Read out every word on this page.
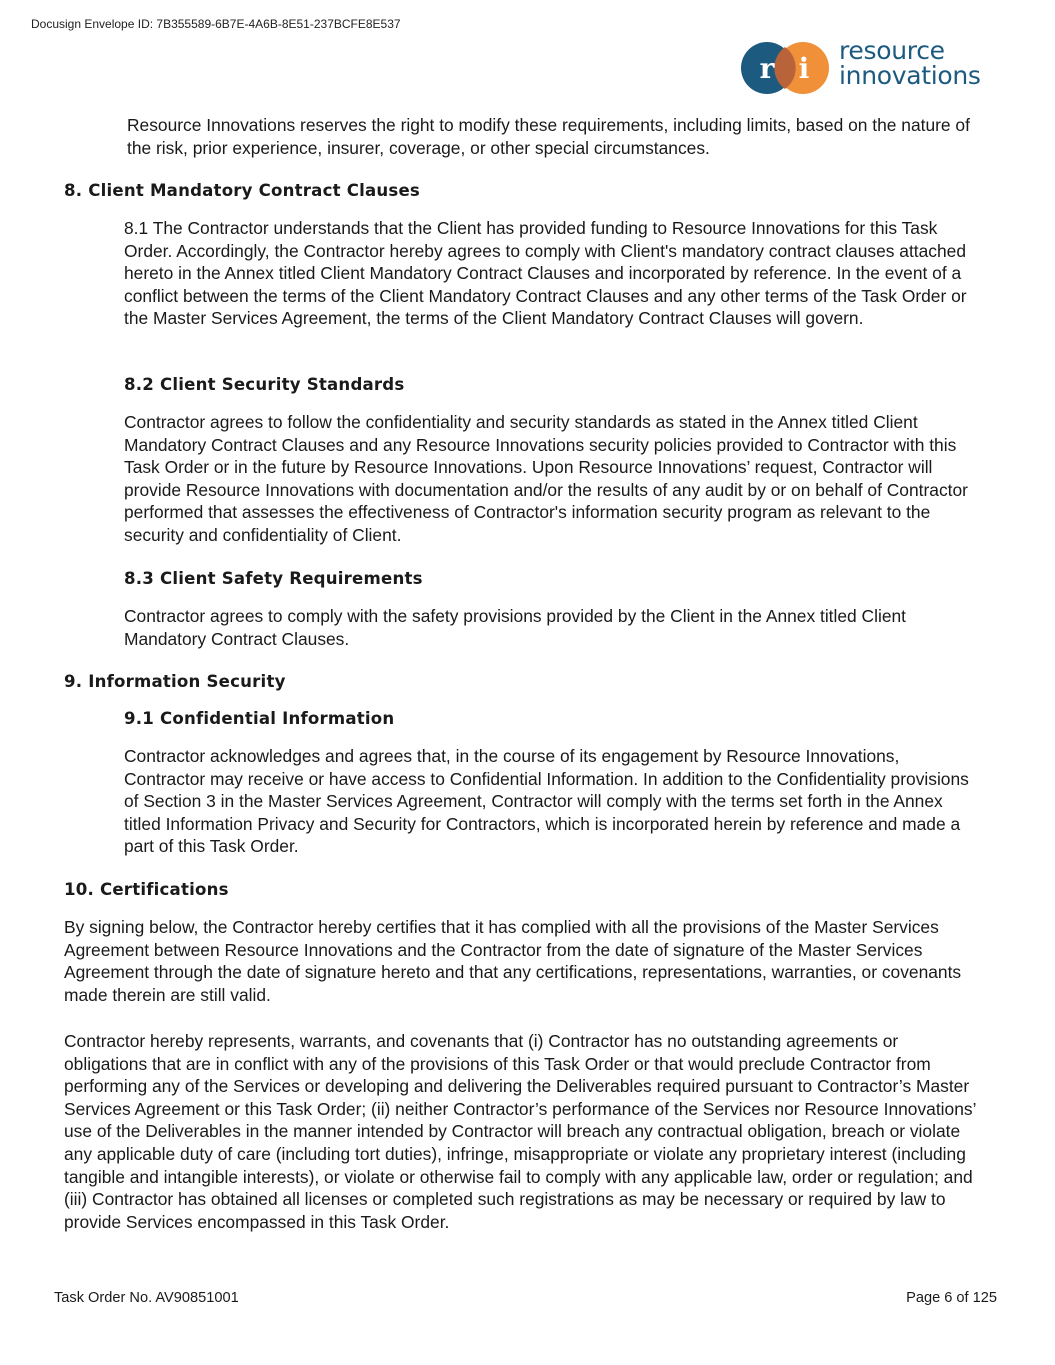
Docusign Envelope ID: 7B355589-6B7E-4A6B-8E51-237BCFE8E537
r i
resource
innovations

Resource Innovations reserves the right to modify these requirements, including limits, based on the nature of the risk, prior experience, insurer, coverage, or other special circumstances.

8. Client Mandatory Contract Clauses

8.1 The Contractor understands that the Client has provided funding to Resource Innovations for this Task Order. Accordingly, the Contractor hereby agrees to comply with Client's mandatory contract clauses attached hereto in the Annex titled Client Mandatory Contract Clauses and incorporated by reference. In the event of a conflict between the terms of the Client Mandatory Contract Clauses and any other terms of the Task Order or the Master Services Agreement, the terms of the Client Mandatory Contract Clauses will govern.

8.2 Client Security Standards

Contractor agrees to follow the confidentiality and security standards as stated in the Annex titled Client Mandatory Contract Clauses and any Resource Innovations security policies provided to Contractor with this Task Order or in the future by Resource Innovations. Upon Resource Innovations’ request, Contractor will provide Resource Innovations with documentation and/or the results of any audit by or on behalf of Contractor performed that assesses the effectiveness of Contractor's information security program as relevant to the security and confidentiality of Client.

8.3 Client Safety Requirements

Contractor agrees to comply with the safety provisions provided by the Client in the Annex titled Client Mandatory Contract Clauses.

9. Information Security
9.1 Confidential Information

Contractor acknowledges and agrees that, in the course of its engagement by Resource Innovations, Contractor may receive or have access to Confidential Information. In addition to the Confidentiality provisions of Section 3 in the Master Services Agreement, Contractor will comply with the terms set forth in the Annex titled Information Privacy and Security for Contractors, which is incorporated herein by reference and made a part of this Task Order.

10. Certifications

By signing below, the Contractor hereby certifies that it has complied with all the provisions of the Master Services Agreement between Resource Innovations and the Contractor from the date of signature of the Master Services Agreement through the date of signature hereto and that any certifications, representations, warranties, or covenants made therein are still valid.

Contractor hereby represents, warrants, and covenants that (i) Contractor has no outstanding agreements or obligations that are in conflict with any of the provisions of this Task Order or that would preclude Contractor from performing any of the Services or developing and delivering the Deliverables required pursuant to Contractor’s Master Services Agreement or this Task Order; (ii) neither Contractor’s performance of the Services nor Resource Innovations’ use of the Deliverables in the manner intended by Contractor will breach any contractual obligation, breach or violate any applicable duty of care (including tort duties), infringe, misappropriate or violate any proprietary interest (including tangible and intangible interests), or violate or otherwise fail to comply with any applicable law, order or regulation; and (iii) Contractor has obtained all licenses or completed such registrations as may be necessary or required by law to provide Services encompassed in this Task Order.

Task Order No. AV90851001	Page 6 of 125
